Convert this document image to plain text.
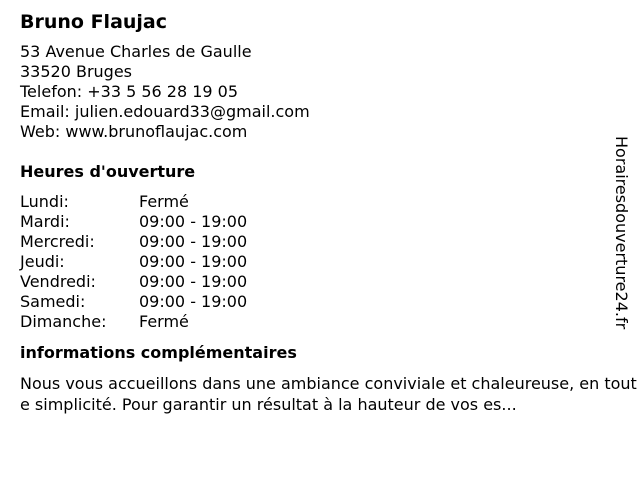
Bruno Flaujac
53 Avenue Charles de Gaulle
33520 Bruges
Telefon: +33 5 56 28 19 05
Email: julien.edouard33@gmail.com
Web: www.brunoflaujac.com
Heures d'ouverture
Lundi:	Fermé
Mardi:	09:00 - 19:00
Mercredi:	09:00 - 19:00
Jeudi:	09:00 - 19:00
Vendredi:	09:00 - 19:00
Samedi:	09:00 - 19:00
Dimanche:	Fermé
informations complémentaires
Nous vous accueillons dans une ambiance conviviale et chaleureuse, en toute simplicité. Pour garantir un résultat à la hauteur de vos es...
Horairesdouverture24.fr
